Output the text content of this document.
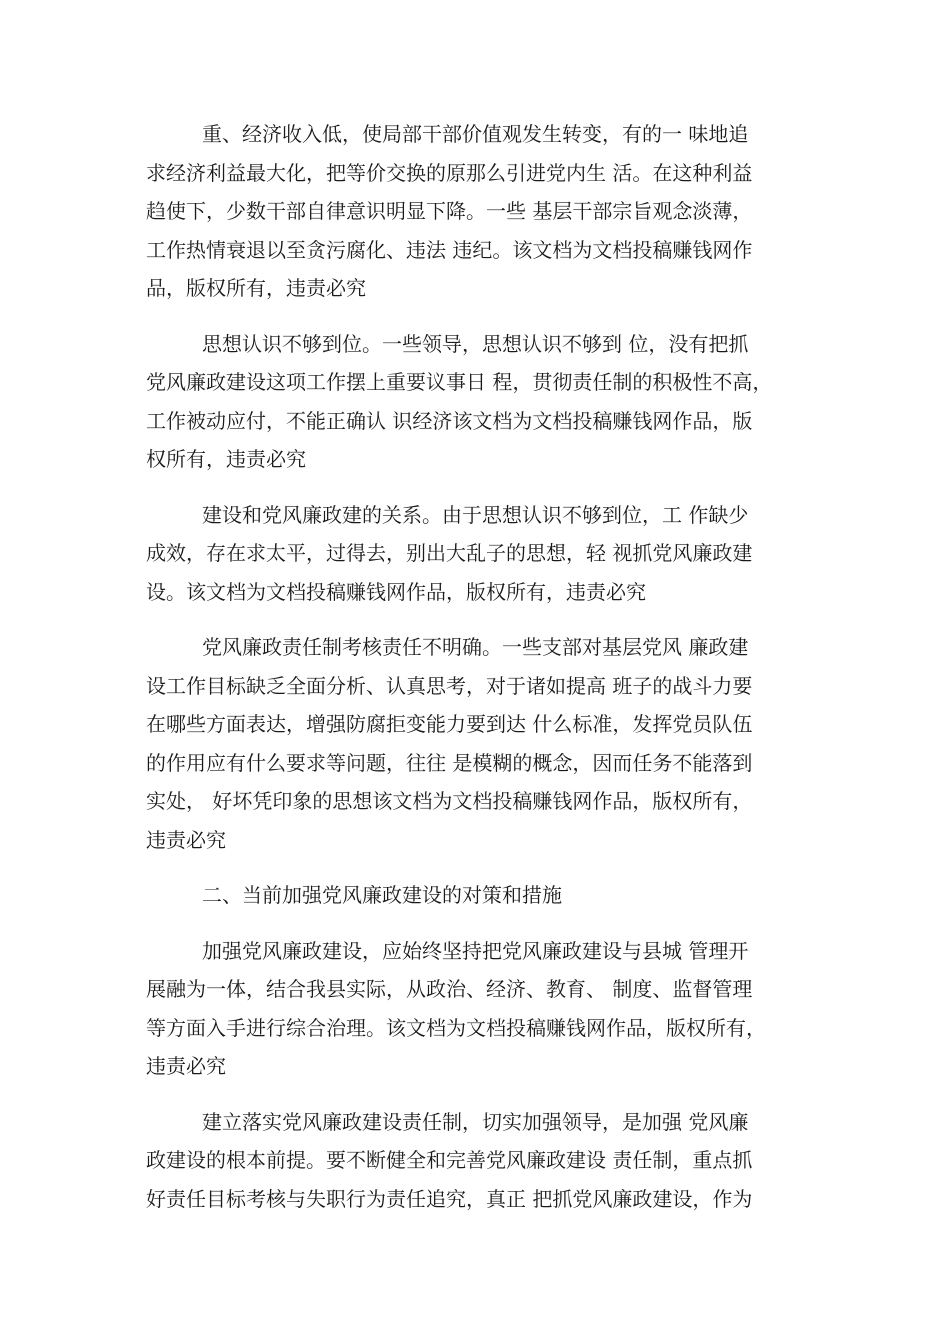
重、经济收入低，使局部干部价值观发生转变，有的一 味地追
求经济利益最大化，把等价交换的原那么引进党内生 活。在这种利益
趋使下，少数干部自律意识明显下降。一些 基层干部宗旨观念淡薄，
工作热情衰退以至贪污腐化、违法 违纪。该文档为文档投稿赚钱网作
品，版权所有，违责必究
思想认识不够到位。一些领导，思想认识不够到 位，没有把抓
党风廉政建设这项工作摆上重要议事日 程，贯彻责任制的积极性不高，
工作被动应付，不能正确认 识经济该文档为文档投稿赚钱网作品，版
权所有，违责必究
建设和党风廉政建的关系。由于思想认识不够到位，工 作缺少
成效，存在求太平，过得去，别出大乱子的思想，轻 视抓党风廉政建
设。该文档为文档投稿赚钱网作品，版权所有，违责必究
党风廉政责任制考核责任不明确。一些支部对基层党风 廉政建
设工作目标缺乏全面分析、认真思考，对于诸如提高 班子的战斗力要
在哪些方面表达，增强防腐拒变能力要到达 什么标准，发挥党员队伍
的作用应有什么要求等问题，往往 是模糊的概念，因而任务不能落到
实处， 好坏凭印象的思想该文档为文档投稿赚钱网作品，版权所有，
违责必究
二、当前加强党风廉政建设的对策和措施
加强党风廉政建设，应始终坚持把党风廉政建设与县城 管理开
展融为一体，结合我县实际，从政治、经济、教育、 制度、监督管理
等方面入手进行综合治理。该文档为文档投稿赚钱网作品，版权所有，
违责必究
建立落实党风廉政建设责任制，切实加强领导，是加强 党风廉
政建设的根本前提。要不断健全和完善党风廉政建设 责任制，重点抓
好责任目标考核与失职行为责任追究，真正 把抓党风廉政建设，作为
